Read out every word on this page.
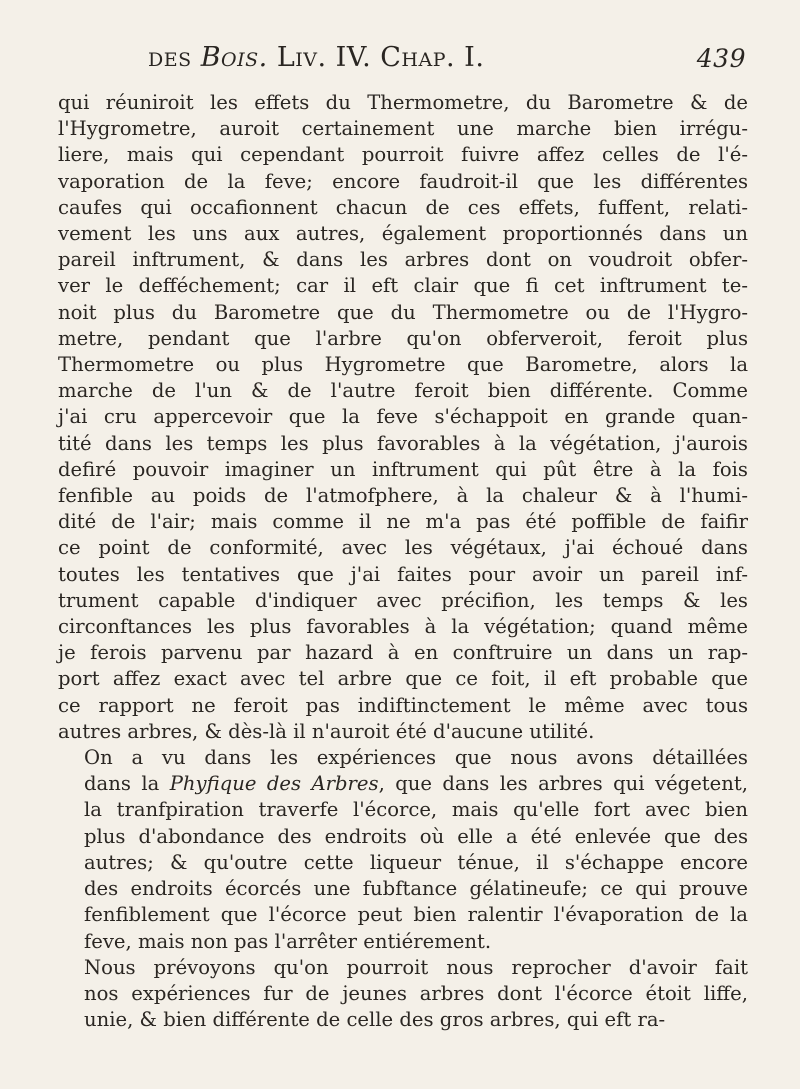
des Bois. Liv. IV. Chap. I.	439

qui réuniroit les effets du Thermometre, du Barometre & de
l'Hygrometre, auroit certainement une marche bien irrégu-
liere, mais qui cependant pourroit fuivre affez celles de l'é-
vaporation de la feve; encore faudroit-il que les différentes
caufes qui occafionnent chacun de ces effets, fuffent, relati-
vement les uns aux autres, également proportionnés dans un
pareil inftrument, & dans les arbres dont on voudroit obfer-
ver le defféchement; car il eft clair que fi cet inftrument te-
noit plus du Barometre que du Thermometre ou de l'Hygro-
metre, pendant que l'arbre qu'on obferveroit, feroit plus
Thermometre ou plus Hygrometre que Barometre, alors la
marche de l'un & de l'autre feroit bien différente. Comme
j'ai cru appercevoir que la feve s'échappoit en grande quan-
tité dans les temps les plus favorables à la végétation, j'aurois
defiré pouvoir imaginer un inftrument qui pût être à la fois
fenfible au poids de l'atmofphere, à la chaleur & à l'humi-
dité de l'air; mais comme il ne m'a pas été poffible de faifir
ce point de conformité, avec les végétaux, j'ai échoué dans
toutes les tentatives que j'ai faites pour avoir un pareil inf-
trument capable d'indiquer avec précifion, les temps & les
circonftances les plus favorables à la végétation; quand même
je ferois parvenu par hazard à en conftruire un dans un rap-
port affez exact avec tel arbre que ce foit, il eft probable que
ce rapport ne feroit pas indiftinctement le même avec tous
autres arbres, & dès-là il n'auroit été d'aucune utilité.

On a vu dans les expériences que nous avons détaillées
dans la Phyfique des Arbres, que dans les arbres qui végetent,
la tranfpiration traverfe l'écorce, mais qu'elle fort avec bien
plus d'abondance des endroits où elle a été enlevée que des
autres; & qu'outre cette liqueur ténue, il s'échappe encore
des endroits écorcés une fubftance gélatineufe; ce qui prouve
fenfiblement que l'écorce peut bien ralentir l'évaporation de la
feve, mais non pas l'arrêter entiérement.

Nous prévoyons qu'on pourroit nous reprocher d'avoir fait
nos expériences fur de jeunes arbres dont l'écorce étoit liffe,
unie, & bien différente de celle des gros arbres, qui eft ra-
